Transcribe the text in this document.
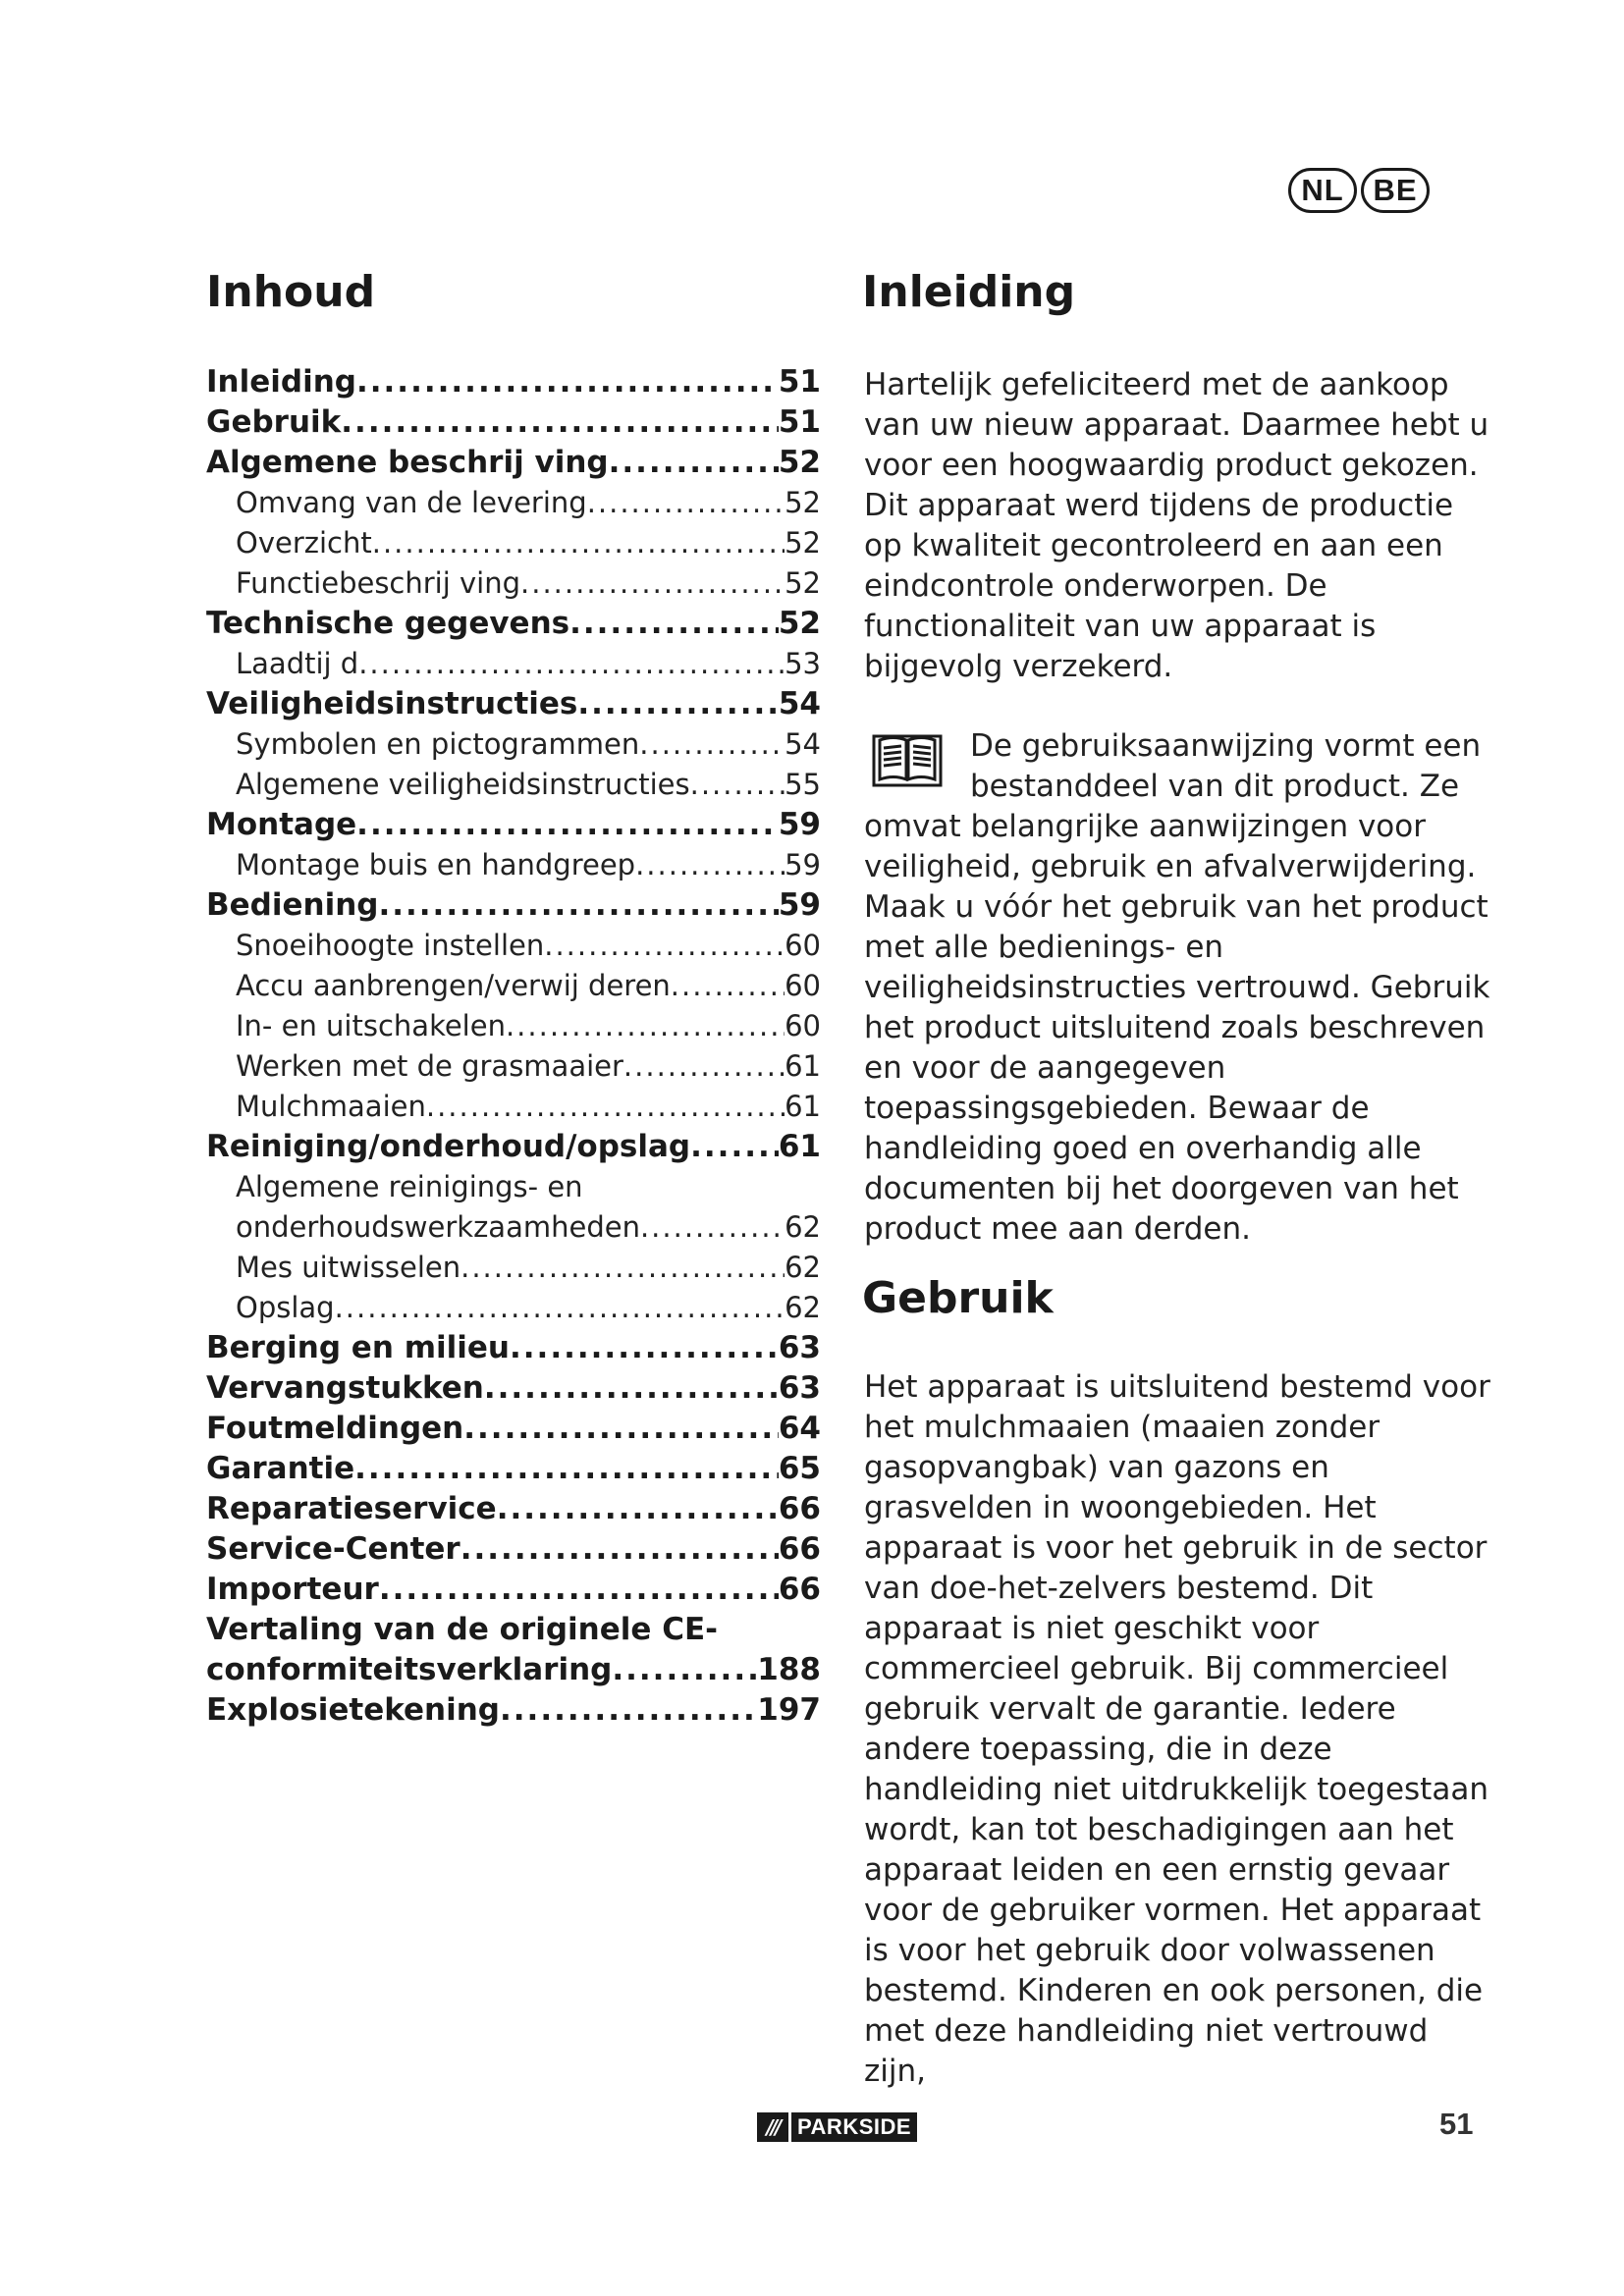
NL BE
Inhoud	Inleiding
Inleiding .....	51
Gebruik .....	51
Algemene beschrij ving .....	52
Omvang van de levering .....	52
Overzicht .....	52
Functiebeschrij ving .....	52
Technische gegevens .....	52
Laadtij d .....	53
Veiligheidsinstructies .....	54
Symbolen en pictogrammen .....	54
Algemene veiligheidsinstructies .....	55
Montage .....	59
Montage buis en handgreep .....	59
Bediening .....	59
Snoeihoogte instellen .....	60
Accu aanbrengen/verwij deren .....	60
In- en uitschakelen .....	60
Werken met de grasmaaier .....	61
Mulchmaaien .....	61
Reiniging/onderhoud/opslag .....	61
Algemene reinigings- en
onderhoudswerkzaamheden .....	62
Mes uitwisselen .....	62
Opslag .....	62
Berging en milieu .....	63
Vervangstukken .....	63
Foutmeldingen .....	64
Garantie .....	65
Reparatieservice .....	66
Service-Center .....	66
Importeur .....	66
Vertaling van de originele CE-
conformiteitsverklaring .....	188
Explosietekening .....	197

Hartelijk gefeliciteerd met de aankoop van uw nieuw apparaat. Daarmee hebt u voor een hoogwaardig product gekozen. Dit apparaat werd tijdens de productie op kwaliteit gecontroleerd en aan een eindcontrole onderworpen. De functionaliteit van uw apparaat is bijgevolg verzekerd.

De gebruiksaanwijzing vormt een bestanddeel van dit product. Ze omvat belangrijke aanwijzingen voor veiligheid, gebruik en afvalverwijdering. Maak u vóór het gebruik van het product met alle bedienings- en veiligheidsinstructies vertrouwd. Gebruik het product uitsluitend zoals beschreven en voor de aangegeven toepassingsgebieden. Bewaar de handleiding goed en overhandig alle documenten bij het doorgeven van het product mee aan derden.

Gebruik

Het apparaat is uitsluitend bestemd voor het mulchmaaien (maaien zonder gasopvangbak) van gazons en grasvelden in woongebieden. Het apparaat is voor het gebruik in de sector van doe-het-zelvers bestemd. Dit apparaat is niet geschikt voor commercieel gebruik. Bij commercieel gebruik vervalt de garantie. Iedere andere toepassing, die in deze handleiding niet uitdrukkelijk toegestaan wordt, kan tot beschadigingen aan het apparaat leiden en een ernstig gevaar voor de gebruiker vormen. Het apparaat is voor het gebruik door volwassenen bestemd. Kinderen en ook personen, die met deze handleiding niet vertrouwd zijn,

/// PARKSIDE	51
